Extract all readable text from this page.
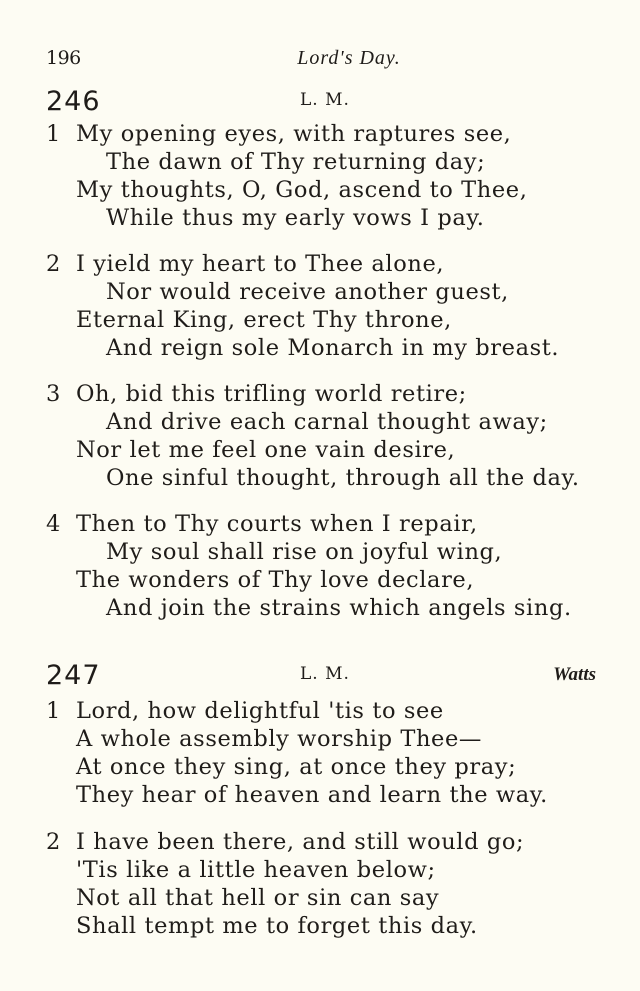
196	Lord's Day.
246	L. M.
1 My opening eyes, with raptures see,
The dawn of Thy returning day;
My thoughts, O, God, ascend to Thee,
While thus my early vows I pay.
2 I yield my heart to Thee alone,
Nor would receive another guest,
Eternal King, erect Thy throne,
And reign sole Monarch in my breast.
3 Oh, bid this trifling world retire;
And drive each carnal thought away;
Nor let me feel one vain desire,
One sinful thought, through all the day.
4 Then to Thy courts when I repair,
My soul shall rise on joyful wing,
The wonders of Thy love declare,
And join the strains which angels sing.
247	L. M.	Watts
1 Lord, how delightful 'tis to see
A whole assembly worship Thee—
At once they sing, at once they pray;
They hear of heaven and learn the way.
2 I have been there, and still would go;
'Tis like a little heaven below;
Not all that hell or sin can say
Shall tempt me to forget this day.
